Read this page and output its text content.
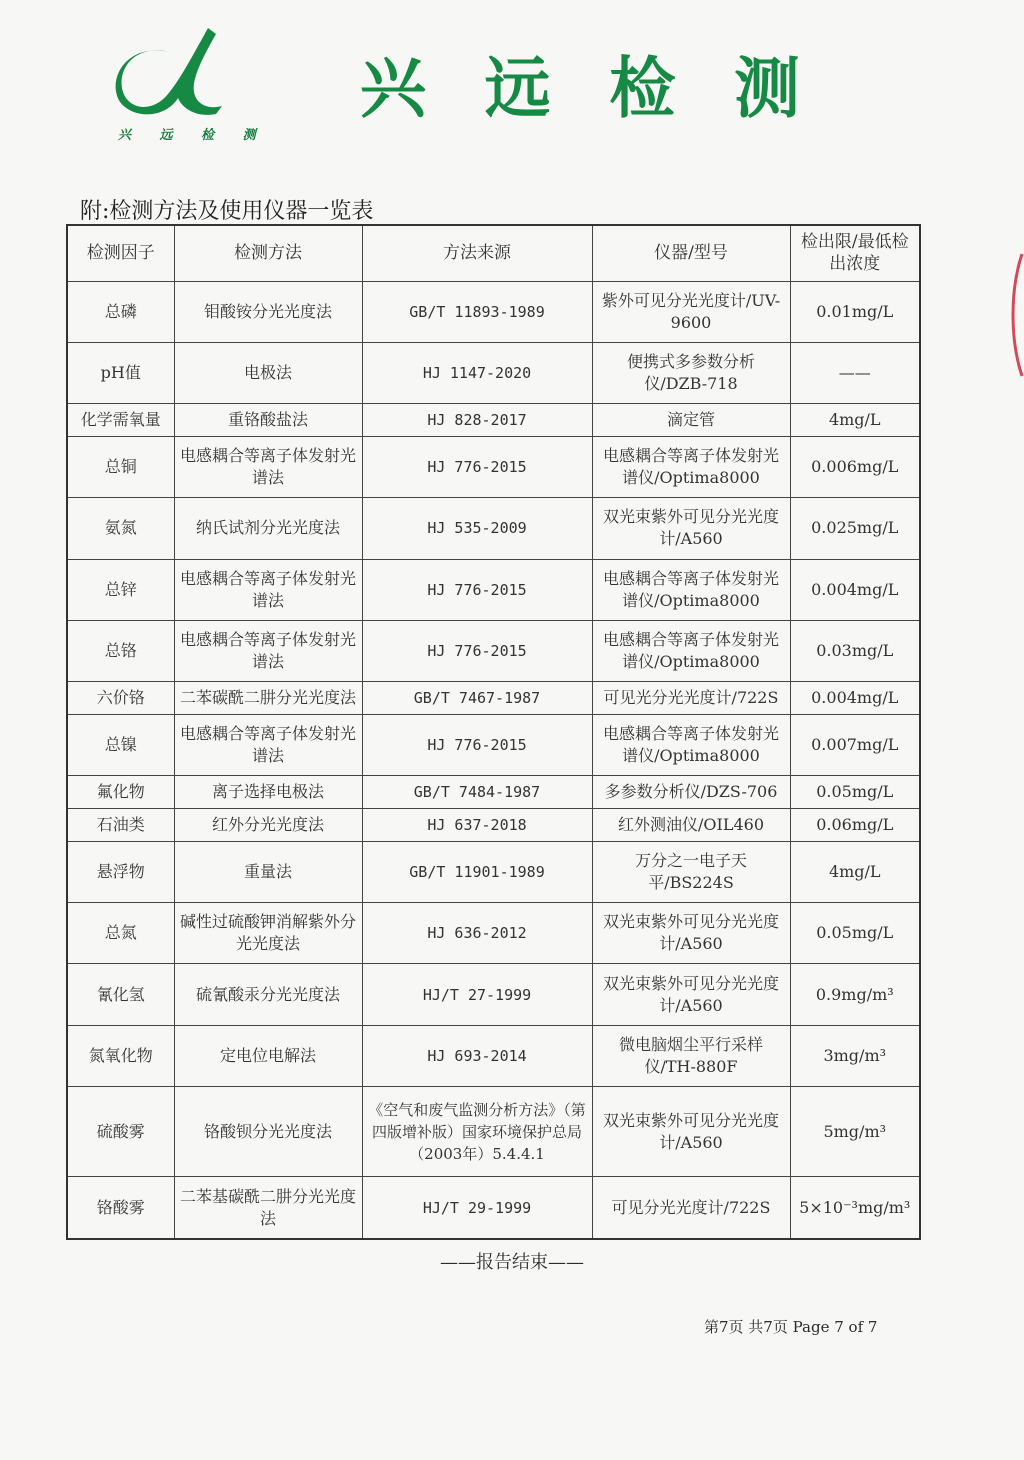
兴 远 检 测
兴 远 检 测
附:检测方法及使用仪器一览表
检测因子	检测方法	方法来源	仪器/型号	检出限/最低检出浓度
总磷	钼酸铵分光光度法	GB/T 11893-1989	紫外可见分光光度计/UV-9600	0.01mg/L
pH值	电极法	HJ 1147-2020	便携式多参数分析仪/DZB-718	——
化学需氧量	重铬酸盐法	HJ 828-2017	滴定管	4mg/L
总铜	电感耦合等离子体发射光谱法	HJ 776-2015	电感耦合等离子体发射光谱仪/Optima8000	0.006mg/L
氨氮	纳氏试剂分光光度法	HJ 535-2009	双光束紫外可见分光光度计/A560	0.025mg/L
总锌	电感耦合等离子体发射光谱法	HJ 776-2015	电感耦合等离子体发射光谱仪/Optima8000	0.004mg/L
总铬	电感耦合等离子体发射光谱法	HJ 776-2015	电感耦合等离子体发射光谱仪/Optima8000	0.03mg/L
六价铬	二苯碳酰二肼分光光度法	GB/T 7467-1987	可见光分光光度计/722S	0.004mg/L
总镍	电感耦合等离子体发射光谱法	HJ 776-2015	电感耦合等离子体发射光谱仪/Optima8000	0.007mg/L
氟化物	离子选择电极法	GB/T 7484-1987	多参数分析仪/DZS-706	0.05mg/L
石油类	红外分光光度法	HJ 637-2018	红外测油仪/OIL460	0.06mg/L
悬浮物	重量法	GB/T 11901-1989	万分之一电子天平/BS224S	4mg/L
总氮	碱性过硫酸钾消解紫外分光光度法	HJ 636-2012	双光束紫外可见分光光度计/A560	0.05mg/L
氰化氢	硫氰酸汞分光光度法	HJ/T 27-1999	双光束紫外可见分光光度计/A560	0.9mg/m³
氮氧化物	定电位电解法	HJ 693-2014	微电脑烟尘平行采样仪/TH-880F	3mg/m³
硫酸雾	铬酸钡分光光度法	《空气和废气监测分析方法》（第四版增补版）国家环境保护总局（2003年）5.4.4.1	双光束紫外可见分光光度计/A560	5mg/m³
铬酸雾	二苯基碳酰二肼分光光度法	HJ/T 29-1999	可见分光光度计/722S	5×10⁻³mg/m³
——报告结束——
第7页 共7页 Page 7 of 7
